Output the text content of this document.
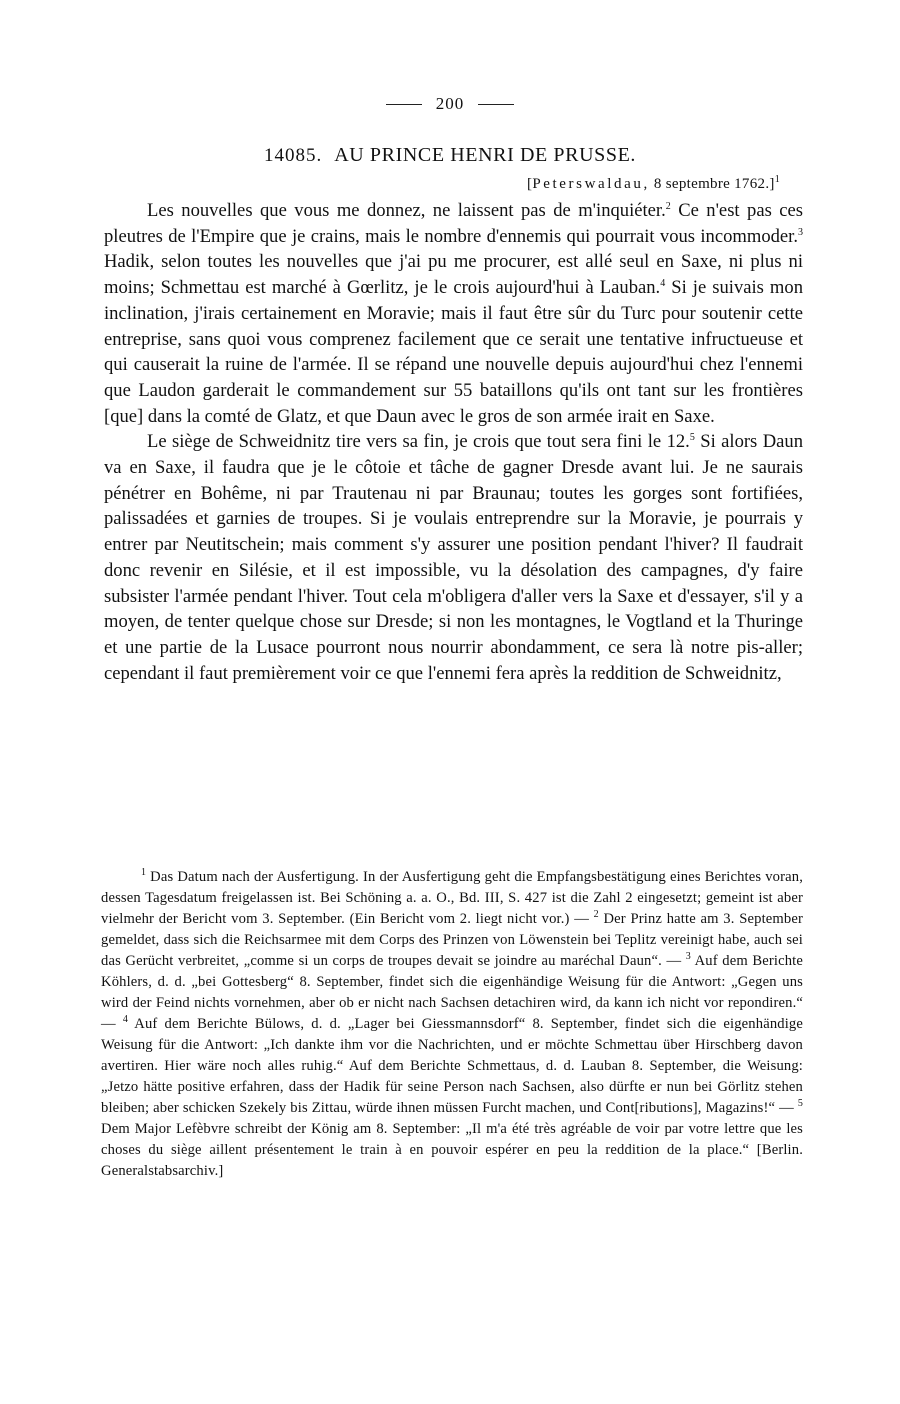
200
14085. AU PRINCE HENRI DE PRUSSE.
[Peterswaldau, 8 septembre 1762.]$^1$

Les nouvelles que vous me donnez, ne laissent pas de m'inquiéter.$^2$ Ce n'est pas ces pleutres de l'Empire que je crains, mais le nombre d'ennemis qui pourrait vous incommoder.$^3$ Hadik, selon toutes les nouvelles que j'ai pu me procurer, est allé seul en Saxe, ni plus ni moins; Schmettau est marché à Gœrlitz, je le crois aujourd'hui à Lauban.$^4$ Si je suivais mon inclination, j'irais certainement en Moravie; mais il faut être sûr du Turc pour soutenir cette entreprise, sans quoi vous comprenez facilement que ce serait une tentative infructueuse et qui causerait la ruine de l'armée. Il se répand une nouvelle depuis aujourd'hui chez l'ennemi que Laudon garderait le commandement sur 55 bataillons qu'ils ont tant sur les frontières [que] dans la comté de Glatz, et que Daun avec le gros de son armée irait en Saxe.

Le siège de Schweidnitz tire vers sa fin, je crois que tout sera fini le 12.$^5$ Si alors Daun va en Saxe, il faudra que je le côtoie et tâche de gagner Dresde avant lui. Je ne saurais pénétrer en Bohême, ni par Trautenau ni par Braunau; toutes les gorges sont fortifiées, palissadées et garnies de troupes. Si je voulais entreprendre sur la Moravie, je pourrais y entrer par Neutitschein; mais comment s'y assurer une position pendant l'hiver? Il faudrait donc revenir en Silésie, et il est impossible, vu la désolation des campagnes, d'y faire subsister l'armée pendant l'hiver. Tout cela m'obligera d'aller vers la Saxe et d'essayer, s'il y a moyen, de tenter quelque chose sur Dresde; si non les montagnes, le Vogtland et la Thuringe et une partie de la Lusace pourront nous nourrir abondamment, ce sera là notre pis-aller; cependant il faut premièrement voir ce que l'ennemi fera après la reddition de Schweidnitz,

$^1$ Das Datum nach der Ausfertigung. In der Ausfertigung geht die Empfangsbestätigung eines Berichtes voran, dessen Tagesdatum freigelassen ist. Bei Schöning a. a. O., Bd. III, S. 427 ist die Zahl 2 eingesetzt; gemeint ist aber vielmehr der Bericht vom 3. September. (Ein Bericht vom 2. liegt nicht vor.) — $^2$ Der Prinz hatte am 3. September gemeldet, dass sich die Reichsarmee mit dem Corps des Prinzen von Löwenstein bei Teplitz vereinigt habe, auch sei das Gerücht verbreitet, „comme si un corps de troupes devait se joindre au maréchal Daun“. — $^3$ Auf dem Berichte Köhlers, d. d. „bei Gottesberg“ 8. September, findet sich die eigenhändige Weisung für die Antwort: „Gegen uns wird der Feind nichts vornehmen, aber ob er nicht nach Sachsen detachiren wird, da kann ich nicht vor repondiren.“ — $^4$ Auf dem Berichte Bülows, d. d. „Lager bei Giessmannsdorf“ 8. September, findet sich die eigenhändige Weisung für die Antwort: „Ich dankte ihm vor die Nachrichten, und er möchte Schmettau über Hirschberg davon avertiren. Hier wäre noch alles ruhig.“ Auf dem Berichte Schmettaus, d. d. Lauban 8. September, die Weisung: „Jetzo hätte positive erfahren, dass der Hadik für seine Person nach Sachsen, also dürfte er nun bei Görlitz stehen bleiben; aber schicken Szekely bis Zittau, würde ihnen müssen Furcht machen, und Cont[ributions], Magazins!“ — $^5$ Dem Major Lefèbvre schreibt der König am 8. September: „Il m'a été très agréable de voir par votre lettre que les choses du siège aillent présentement le train à en pouvoir espérer en peu la reddition de la place.“ [Berlin. Generalstabsarchiv.]
